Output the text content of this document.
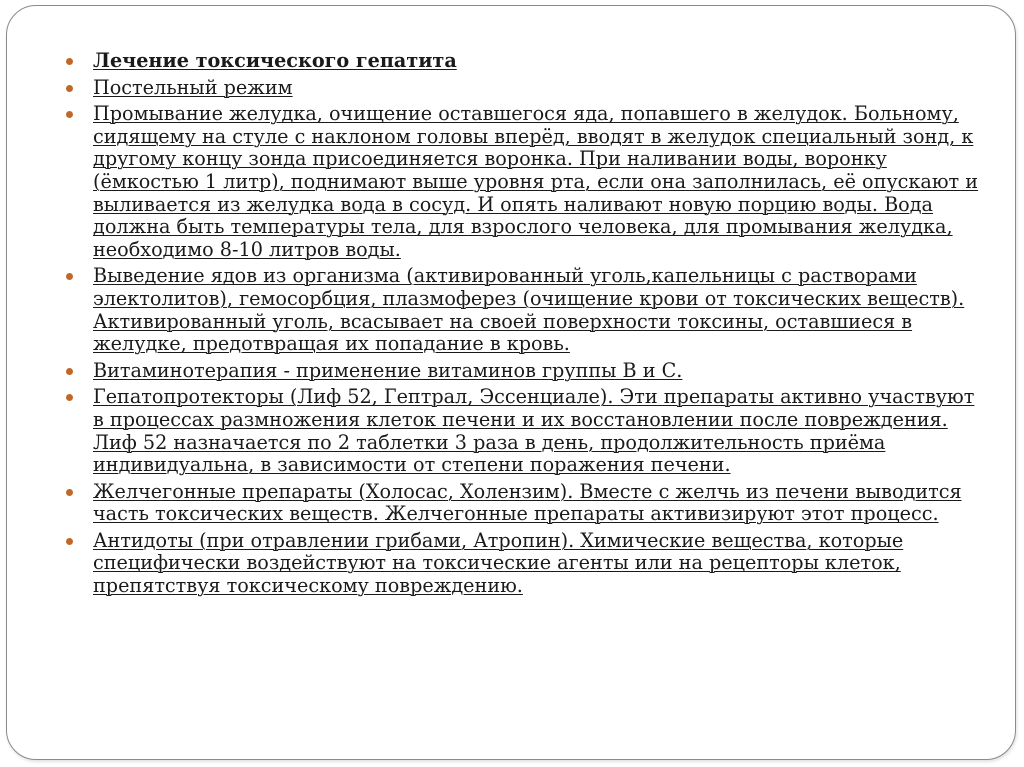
Лечение токсического гепатита
Постельный режим
Промывание желудка, очищение оставшегося яда, попавшего в желудок. Больному, сидящему на стуле с наклоном головы вперёд, вводят в желудок специальный зонд, к другому концу зонда присоединяется воронка. При наливании воды, воронку (ёмкостью 1 литр), поднимают выше уровня рта, если она заполнилась, её опускают и выливается из желудка вода в сосуд. И опять наливают новую порцию воды. Вода должна быть температуры тела, для взрослого человека, для промывания желудка, необходимо 8-10 литров воды.
Выведение ядов из организма (активированный уголь,капельницы с растворами электолитов), гемосорбция, плазмоферез (очищение крови от токсических веществ). Активированный уголь, всасывает на своей поверхности токсины, оставшиеся в желудке, предотвращая их попадание в кровь.
Витаминотерапия - применение витаминов группы В и С.
Гепатопротекторы (Лиф 52, Гептрал, Эссенциале). Эти препараты активно участвуют в процессах размножения клеток печени и их восстановлении после повреждения. Лиф 52 назначается по 2 таблетки 3 раза в день, продолжительность приёма индивидуальна, в зависимости от степени поражения печени.
Желчегонные препараты (Холосас, Холензим). Вместе с желчь из печени выводится часть токсических веществ. Желчегонные препараты активизируют этот процесс.
Антидоты (при отравлении грибами, Атропин). Химические вещества, которые специфически воздействуют на токсические агенты или на рецепторы клеток, препятствуя токсическому повреждению.
